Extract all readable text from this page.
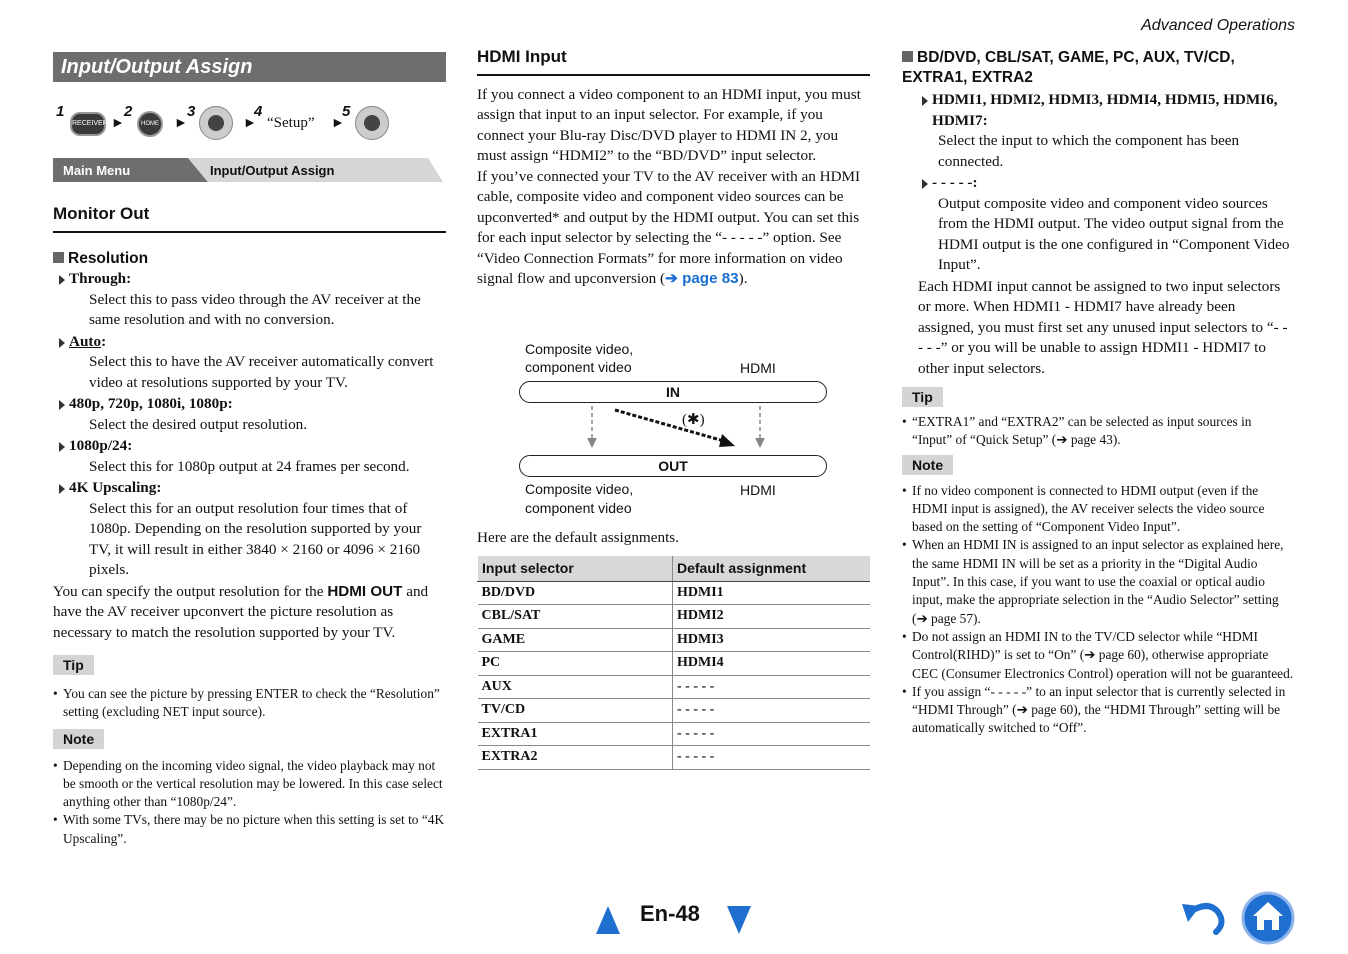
Advanced Operations
Input/Output Assign
1
RECEIVER ►
2
HOME ►
3
►
4
“Setup” ►
5
Main Menu	Input/Output Assign
Monitor Out
Resolution
Through:
Select this to pass video through the AV receiver at the same resolution and with no conversion.
Auto:
Select this to have the AV receiver automatically convert video at resolutions supported by your TV.
480p, 720p, 1080i, 1080p:
Select the desired output resolution.
1080p/24:
Select this for 1080p output at 24 frames per second.
4K Upscaling:
Select this for an output resolution four times that of 1080p. Depending on the resolution supported by your TV, it will result in either 3840 × 2160 or 4096 × 2160 pixels.
You can specify the output resolution for the HDMI OUT and have the AV receiver upconvert the picture resolution as necessary to match the resolution supported by your TV.
Tip
• You can see the picture by pressing ENTER to check the “Resolution” setting (excluding NET input source).
Note
• Depending on the incoming video signal, the video playback may not be smooth or the vertical resolution may be lowered. In this case select anything other than “1080p/24”.
• With some TVs, there may be no picture when this setting is set to “4K Upscaling”.
HDMI Input
If you connect a video component to an HDMI input, you must assign that input to an input selector. For example, if you connect your Blu-ray Disc/DVD player to HDMI IN 2, you must assign “HDMI2” to the “BD/DVD” input selector.
If you’ve connected your TV to the AV receiver with an HDMI cable, composite video and component video sources can be upconverted* and output by the HDMI output. You can set this for each input selector by selecting the “- - - - -” option. See “Video Connection Formats” for more information on video signal flow and upconversion (➔ page 83).
Composite video, component video	HDMI
IN
(✱)
OUT
Composite video, component video
HDMI
Here are the default assignments.
Input selector	Default assignment
BD/DVD	HDMI1
CBL/SAT	HDMI2
GAME	HDMI3
PC	HDMI4
AUX	- - - - -
TV/CD	- - - - -
EXTRA1	- - - - -
EXTRA2	- - - - -
BD/DVD, CBL/SAT, GAME, PC, AUX, TV/CD, EXTRA1, EXTRA2
HDMI1, HDMI2, HDMI3, HDMI4, HDMI5, HDMI6, HDMI7:
Select the input to which the component has been connected.
- - - - -:
Output composite video and component video sources from the HDMI output. The video output signal from the HDMI output is the one configured in “Component Video Input”.
Each HDMI input cannot be assigned to two input selectors or more. When HDMI1 - HDMI7 have already been assigned, you must first set any unused input selectors to “- - - - -” or you will be unable to assign HDMI1 - HDMI7 to other input selectors.
Tip
• “EXTRA1” and “EXTRA2” can be selected as input sources in “Input” of “Quick Setup” (➔ page 43).
Note
• If no video component is connected to HDMI output (even if the HDMI input is assigned), the AV receiver selects the video source based on the setting of “Component Video Input”.
• When an HDMI IN is assigned to an input selector as explained here, the same HDMI IN will be set as a priority in the “Digital Audio Input”. In this case, if you want to use the coaxial or optical audio input, make the appropriate selection in the “Audio Selector” setting (➔ page 57).
• Do not assign an HDMI IN to the TV/CD selector while “HDMI Control(RIHD)” is set to “On” (➔ page 60), otherwise appropriate CEC (Consumer Electronics Control) operation will not be guaranteed.
• If you assign “- - - - -” to an input selector that is currently selected in “HDMI Through” (➔ page 60), the “HDMI Through” setting will be automatically switched to “Off”.
En-48
